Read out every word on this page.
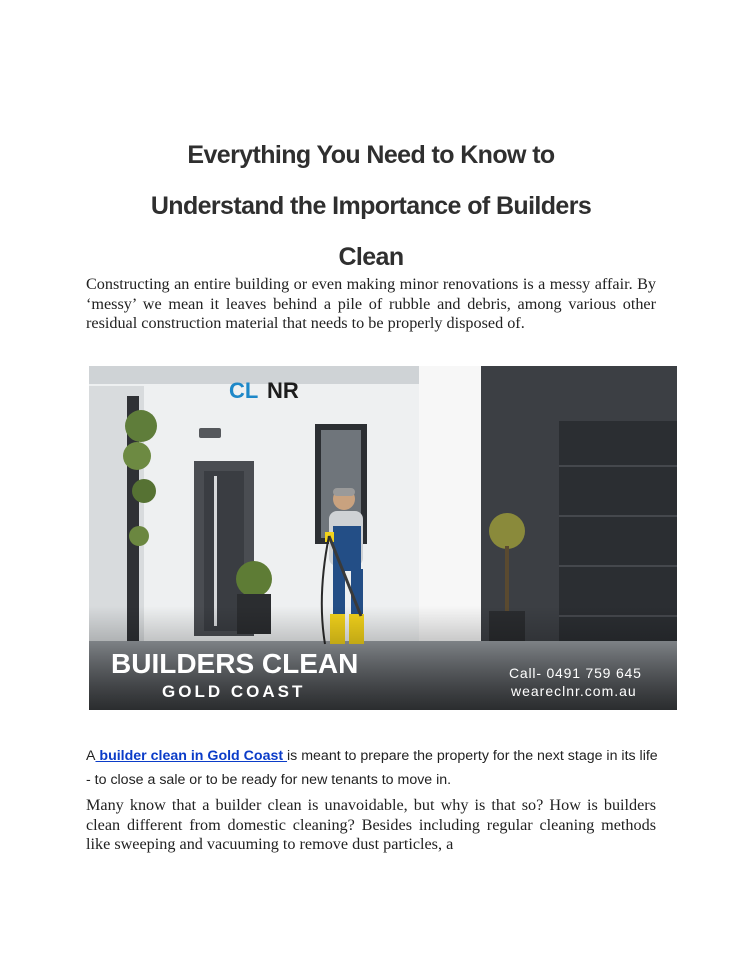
Everything You Need to Know to
Understand the Importance of Builders
Clean

Constructing an entire building or even making minor renovations is a messy affair. By ‘messy’ we mean it leaves behind a pile of rubble and debris, among various other residual construction material that needs to be properly disposed of.

CL NR
BUILDERS CLEAN
GOLD COAST
Call- 0491 759 645
weareclnr.com.au

A builder clean in Gold Coast is meant to prepare the property for the next stage in its life - to close a sale or to be ready for new tenants to move in.

Many know that a builder clean is unavoidable, but why is that so? How is builders clean different from domestic cleaning? Besides including regular cleaning methods like sweeping and vacuuming to remove dust particles, a
